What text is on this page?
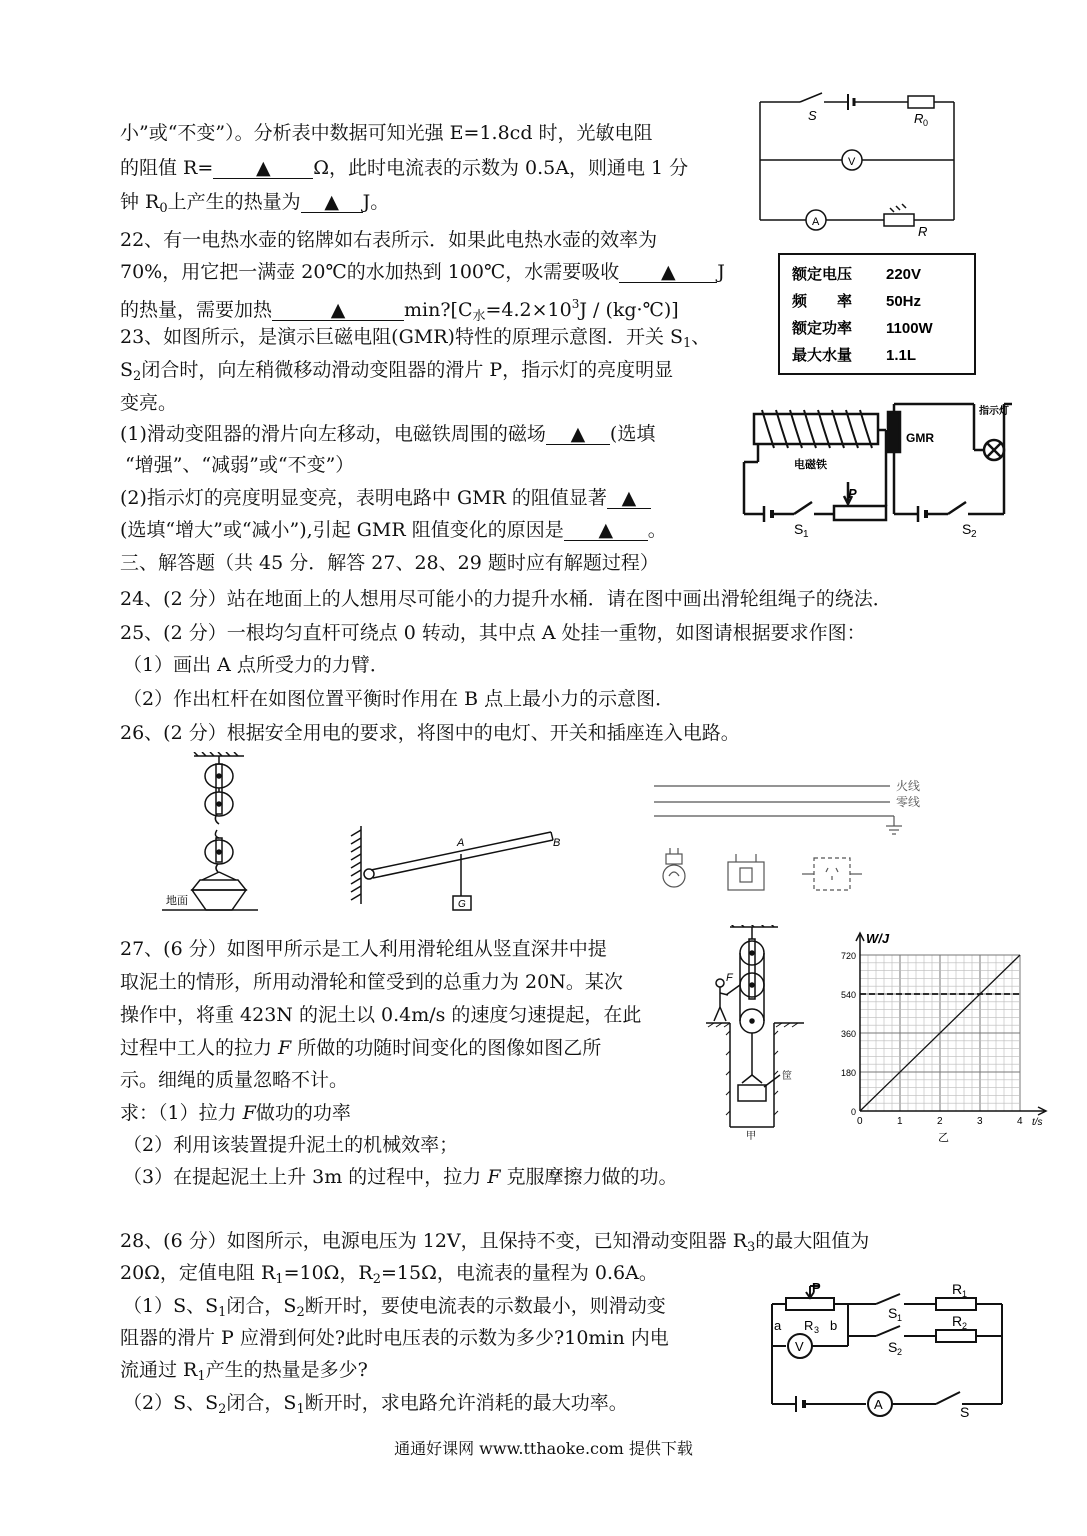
小”或“不变”）。分析表中数据可知光强 E=1.8cd 时，光敏电阻
的阻值 R= ▲ Ω，此时电流表的示数为 0.5A，则通电 1 分
钟 $R_0$上产生的热量为 ▲ J。
S	R 0
V
A
R
22、有一电热水壶的铭牌如右表所示．如果此电热水壶的效率为
70%，用它把一满壶 20℃的水加热到 100℃，水需要吸收 ▲ J
的热量，需要加热	▲	$\min?[C_水=4.2\times 10^3J$ / (kg·℃)]
额定电压 220V
频　　率 50Hz
额定功率 1100W
最大水量 1.1L
23、如图所示，是演示巨磁电阻(GMR)特性的原理示意图．开关 $S_1$、
$S_2$闭合时，向左稍微移动滑动变阻器的滑片 P，指示灯的亮度明显
变亮。
(1)滑动变阻器的滑片向左移动，电磁铁周围的磁场 ▲ (选填
“增强”、“减弱”或“不变”）
(2)指示灯的亮度明显变亮，表明电路中 GMR 的阻值显著 ▲
(选填“增大”或“减小”),引起 GMR 阻值变化的原因是 ▲ 。
GMR
电磁铁
指示灯
P
S 1	S 2
三、解答题（共 45 分．解答 27、28、29 题时应有解题过程）
24、(2 分）站在地面上的人想用尽可能小的力提升水桶．请在图中画出滑轮组绳子的绕法．
25、(2 分）一根均匀直杆可绕点 0 转动，其中点 A 处挂一重物，如图请根据要求作图：
（1）画出 A 点所受力的力臂．
（2）作出杠杆在如图位置平衡时作用在 B 点上最小力的示意图．
26、(2 分）根据安全用电的要求，将图中的电灯、开关和插座连入电路。
地面
A	B
G
火线
零线
27、(6 分）如图甲所示是工人利用滑轮组从竖直深井中提
取泥土的情形，所用动滑轮和筐受到的总重力为 20N。某次
操作中，将重 423N 的泥土以 0.4m/s 的速度匀速提起，在此
过程中工人的拉力 F 所做的功随时间变化的图像如图乙所
示。细绳的质量忽略不计。
求：（1）拉力 F做功的功率
（2）利用该装置提升泥土的机械效率；
（3）在提起泥土上升 3m 的过程中，拉力 F 克服摩擦力做的功。
F
筐
甲
0	1	2	3	4
0
180
360
540
720
W/J
t/s
乙
28、(6 分）如图所示，电源电压为 12V，且保持不变，已知滑动变阻器 $R_3$的最大阻值为
20Ω，定值电阻 $R_1=10\Omega$，$R_2=15\Omega$，电流表的量程为 0.6A。
（1）S、$S_1$闭合，$S_2$断开时，要使电流表的示数最小，则滑动变
阻器的滑片 P 应滑到何处?此时电压表的示数为多少?10min 内电
流通过 $R_1$产生的热量是多少?
（2）S、$S_2$闭合，$S_1$断开时，求电路允许消耗的最大功率。
P
a	b
R 3
V
A
R 1
R 2
S 1
S 2
S
通通好课网 www.tthaoke.com 提供下载
